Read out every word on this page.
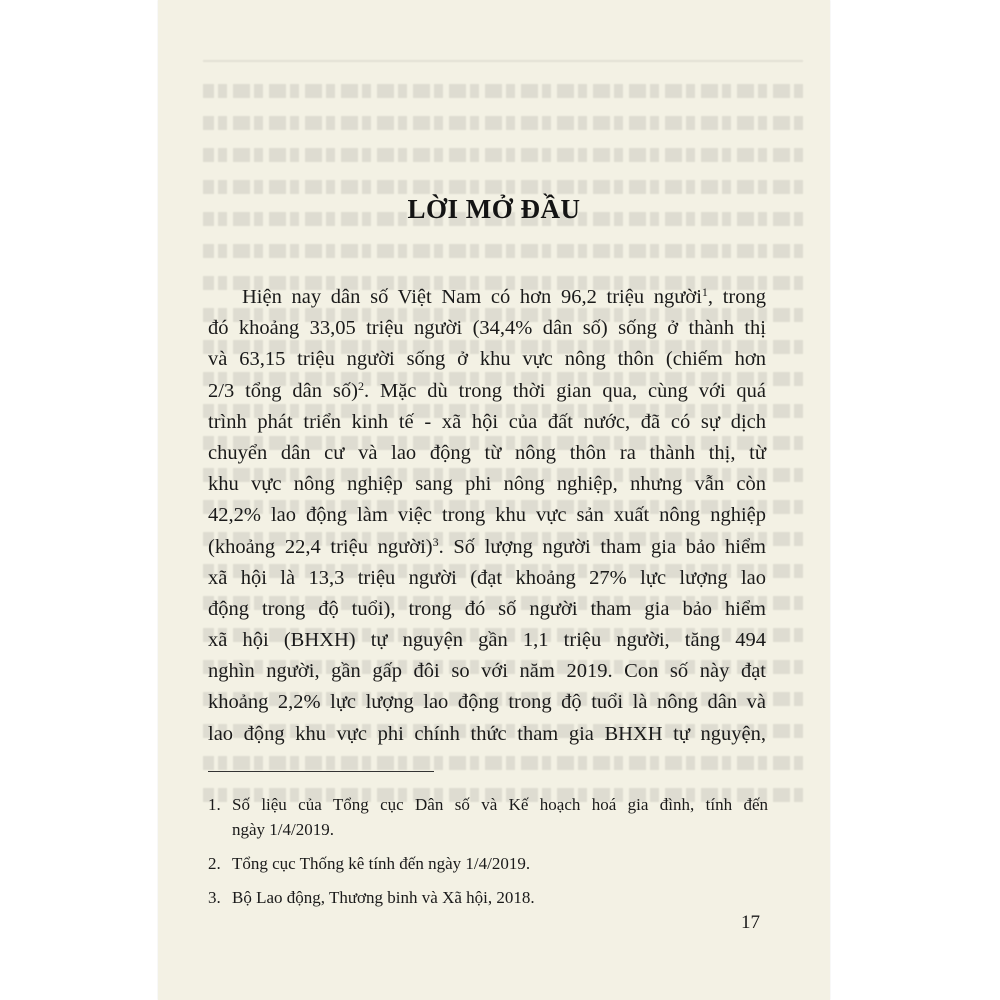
LỜI MỞ ĐẦU
Hiện nay dân số Việt Nam có hơn 96,2 triệu người$^1$, trong
đó khoảng 33,05 triệu người (34,4% dân số) sống ở thành thị
và 63,15 triệu người sống ở khu vực nông thôn (chiếm hơn
2/3 tổng dân số)$^2$. Mặc dù trong thời gian qua, cùng với quá
trình phát triển kinh tế - xã hội của đất nước, đã có sự dịch
chuyển dân cư và lao động từ nông thôn ra thành thị, từ
khu vực nông nghiệp sang phi nông nghiệp, nhưng vẫn còn
42,2% lao động làm việc trong khu vực sản xuất nông nghiệp
(khoảng 22,4 triệu người)$^3$. Số lượng người tham gia bảo hiểm
xã hội là 13,3 triệu người (đạt khoảng 27% lực lượng lao
động trong độ tuổi), trong đó số người tham gia bảo hiểm
xã hội (BHXH) tự nguyện gần 1,1 triệu người, tăng 494
nghìn người, gần gấp đôi so với năm 2019. Con số này đạt
khoảng 2,2% lực lượng lao động trong độ tuổi là nông dân và
lao động khu vực phi chính thức tham gia BHXH tự nguyện,
1. Số liệu của Tổng cục Dân số và Kế hoạch hoá gia đình, tính đến
ngày 1/4/2019.
2. Tổng cục Thống kê tính đến ngày 1/4/2019.
3. Bộ Lao động, Thương binh và Xã hội, 2018.
17
